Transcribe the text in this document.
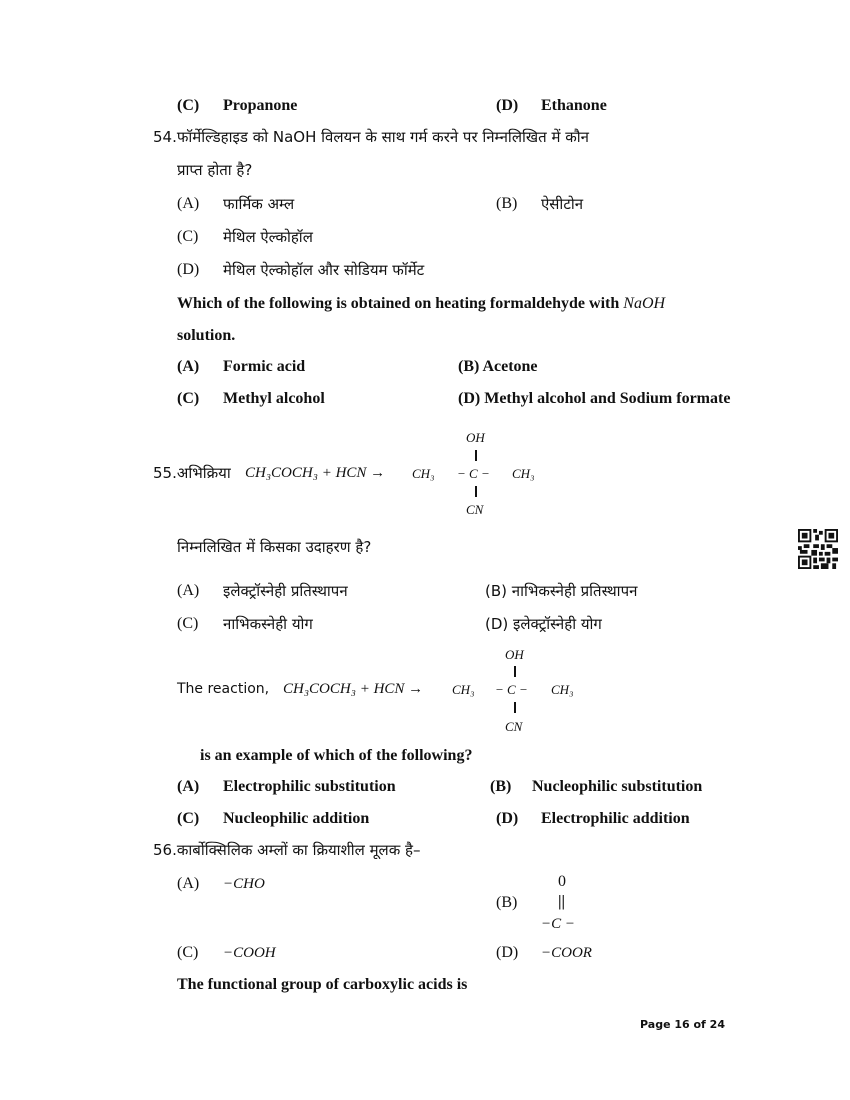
(C) Propanone	(D) Ethanone
54.फॉर्मेल्डिहाइड को NaOH विलयन के साथ गर्म करने पर निम्नलिखित में कौन
प्राप्त होता है?
(A) फार्मिक अम्ल	(B) ऐसीटोन
(C) मेथिल ऐल्कोहॉल
(D) मेथिल ऐल्कोहॉल और सोडियम फॉर्मेट
Which of the following is obtained on heating formaldehyde with NaOH
solution.
(A) Formic acid	(B) Acetone
(C) Methyl alcohol	(D) Methyl alcohol and Sodium formate
55.अभिक्रिया CH₃COCH₃ + HCN → CH₃ − C − CH₃
OH
CN
निम्नलिखित में किसका उदाहरण है?
(A) इलेक्ट्रॉस्नेही प्रतिस्थापन	(B) नाभिकस्नेही प्रतिस्थापन
(C) नाभिकस्नेही योग	(D) इलेक्ट्रॉस्नेही योग
The reaction, CH₃COCH₃ + HCN → CH₃ − C − CH₃
OH
CN
is an example of which of the following?
(A) Electrophilic substitution	(B) Nucleophilic substitution
(C) Nucleophilic addition	(D) Electrophilic addition
56.कार्बोक्सिलिक अम्लों का क्रियाशील मूलक है–
(A) −CHO
(B)
0
||
−C −
(C) −COOH	(D) −COOR
The functional group of carboxylic acids is
Page 16 of 24
